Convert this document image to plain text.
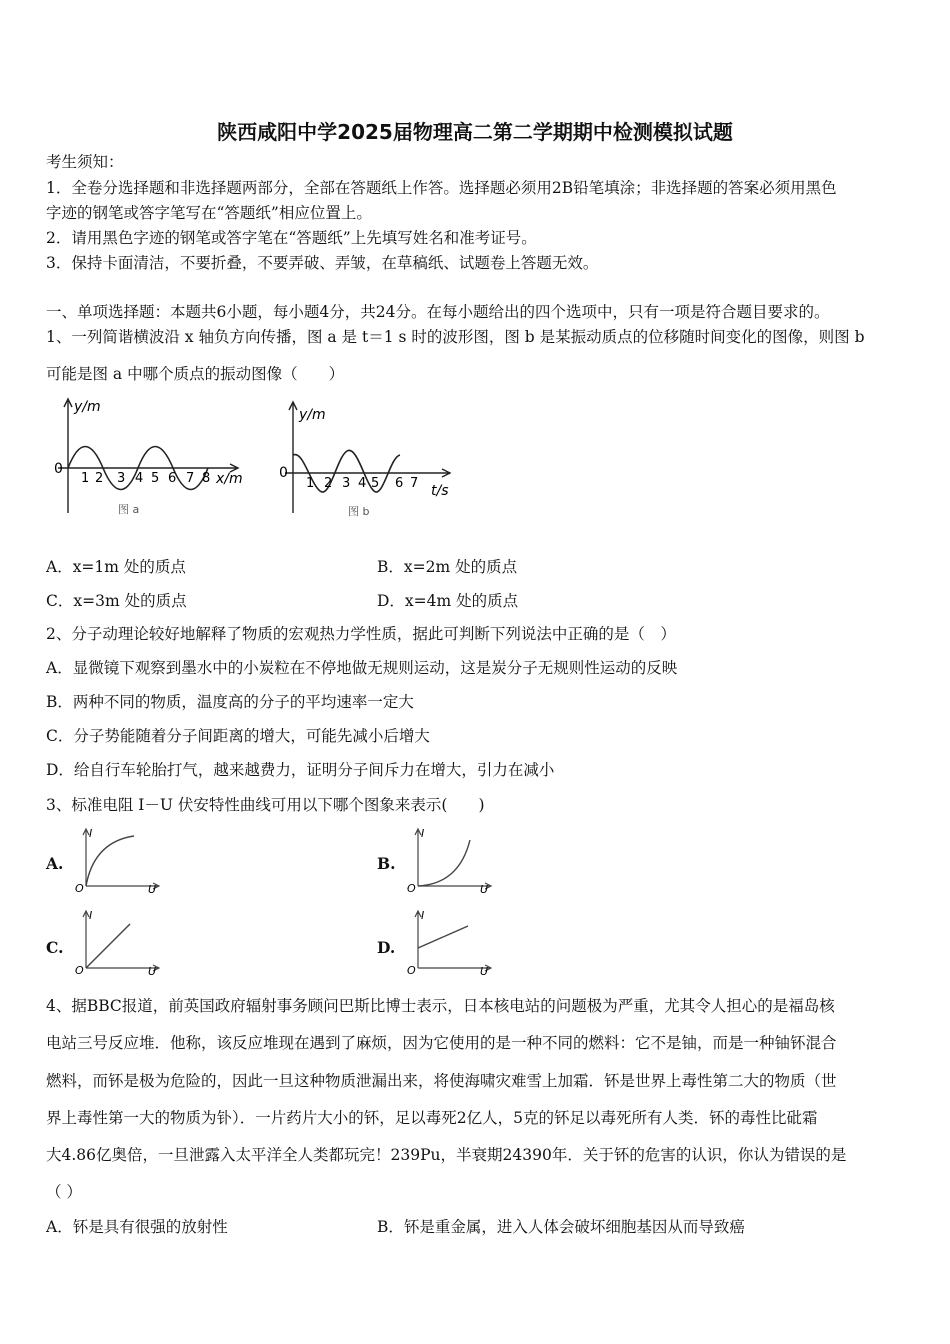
陕西咸阳中学2025届物理高二第二学期期中检测模拟试题
考生须知：
1．全卷分选择题和非选择题两部分，全部在答题纸上作答。选择题必须用2B铅笔填涂；非选择题的答案必须用黑色
字迹的钢笔或答字笔写在“答题纸”相应位置上。
2．请用黑色字迹的钢笔或答字笔在“答题纸”上先填写姓名和准考证号。
3．保持卡面清洁，不要折叠，不要弄破、弄皱，在草稿纸、试题卷上答题无效。
一、单项选择题：本题共6小题，每小题4分，共24分。在每小题给出的四个选项中，只有一项是符合题目要求的。
1、一列简谐横波沿 x 轴负方向传播，图 a 是 t＝1 s 时的波形图，图 b 是某振动质点的位移随时间变化的图像，则图 b
可能是图 a 中哪个质点的振动图像（　　）
y/m
0
x/m
1 2 3 4 5 6 7 8
图 a
y/m
0
t/s
1 2 3 4 5 6 7
图 b
A．x=1m 处的质点	B．x=2m 处的质点
C．x=3m 处的质点	D．x=4m 处的质点
2、分子动理论较好地解释了物质的宏观热力学性质，据此可判断下列说法中正确的是（　）
A．显微镜下观察到墨水中的小炭粒在不停地做无规则运动，这是炭分子无规则性运动的反映
B．两种不同的物质，温度高的分子的平均速率一定大
C．分子势能随着分子间距离的增大，可能先减小后增大
D．给自行车轮胎打气，越来越费力，证明分子间斥力在增大，引力在减小
3、标准电阻 I－U 伏安特性曲线可用以下哪个图象来表示(　　)
A.
I
O	U
B.
I
O	U
C.
I
O	U
D.
I
O	U
4、据BBC报道，前英国政府辐射事务顾问巴斯比博士表示，日本核电站的问题极为严重，尤其令人担心的是福岛核
电站三号反应堆．他称，该反应堆现在遇到了麻烦，因为它使用的是一种不同的燃料：它不是铀，而是一种铀钚混合
燃料，而钚是极为危险的，因此一旦这种物质泄漏出来，将使海啸灾难雪上加霜．钚是世界上毒性第二大的物质（世
界上毒性第一大的物质为钋）．一片药片大小的钚，足以毒死2亿人，5克的钚足以毒死所有人类．钚的毒性比砒霜
大4.86亿奥倍，一旦泄露入太平洋全人类都玩完！239Pu，半衰期24390年．关于钚的危害的认识，你认为错误的是
（ ）
A．钚是具有很强的放射性	B．钚是重金属，进入人体会破坏细胞基因从而导致癌
